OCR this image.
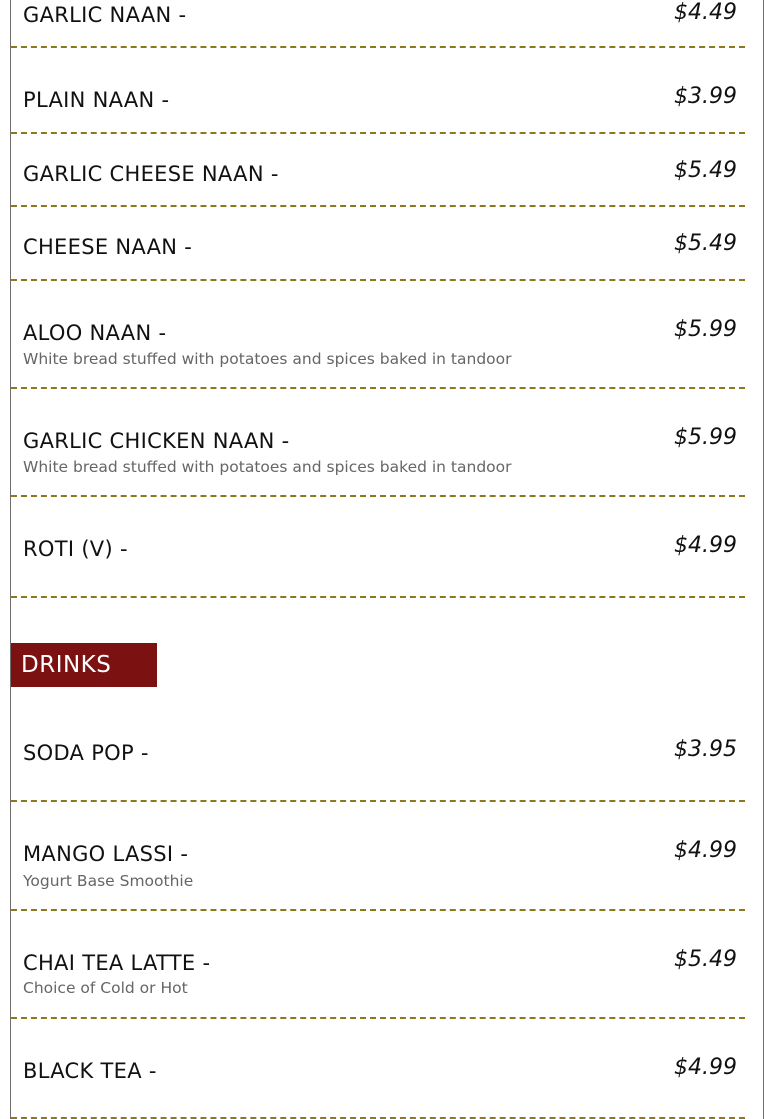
GARLIC NAAN -	$4.49
PLAIN NAAN -	$3.99
GARLIC CHEESE NAAN -	$5.49
CHEESE NAAN -	$5.49
ALOO NAAN -
White bread stuffed with potatoes and spices baked in tandoor
$5.99
GARLIC CHICKEN NAAN -
White bread stuffed with potatoes and spices baked in tandoor
$5.99
ROTI (V) -	$4.99
DRINKS
SODA POP -	$3.95
MANGO LASSI -
Yogurt Base Smoothie
$4.99
CHAI TEA LATTE -
Choice of Cold or Hot
$5.49
BLACK TEA -	$4.99
